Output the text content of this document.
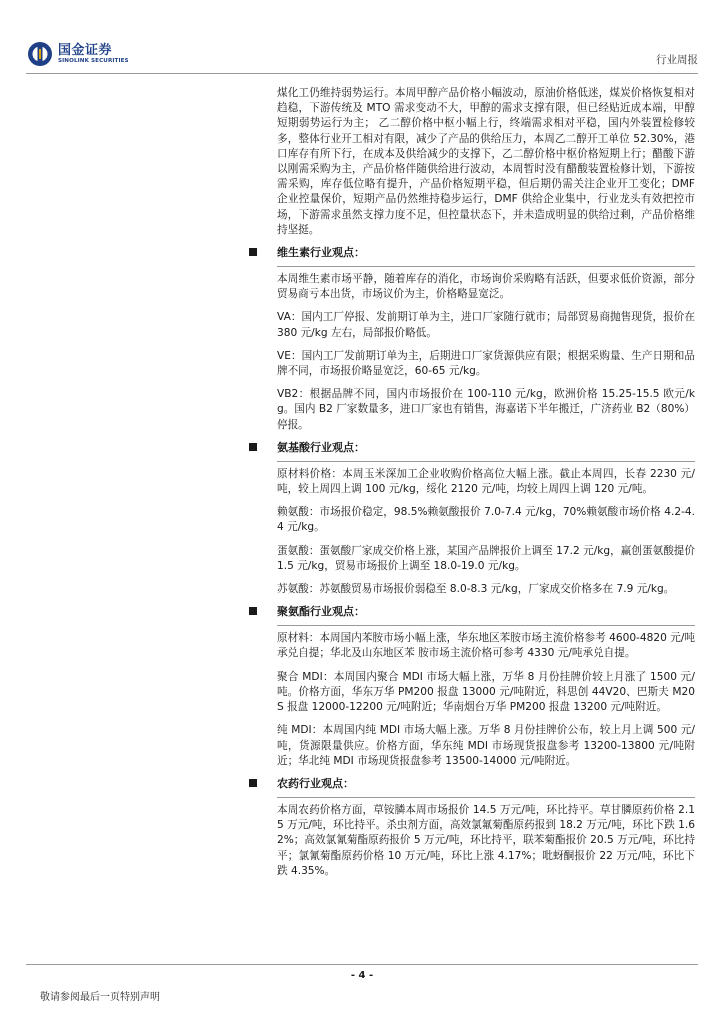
国金证券
SINOLINK SECURITIES	行业周报

煤化工仍维持弱势运行。本周甲醇产品价格小幅波动，原油价格低迷，煤炭价格恢复相对趋稳，下游传统及 MTO 需求变动不大，甲醇的需求支撑有限，但已经贴近成本端，甲醇短期弱势运行为主； 乙二醇价格中枢小幅上行，终端需求相对平稳，国内外装置检修较多，整体行业开工相对有限，减少了产品的供给压力，本周乙二醇开工单位 52.30%，港口库存有所下行，在成本及供给减少的支撑下，乙二醇价格中枢价格短期上行；醋酸下游以刚需采购为主，产品价格伴随供给进行波动，本周暂时没有醋酸装置检修计划，下游按需采购，库存低位略有提升，产品价格短期平稳，但后期仍需关注企业开工变化；DMF 企业控量保价，短期产品仍然维持稳步运行，DMF 供给企业集中，行业龙头有效把控市场，下游需求虽然支撑力度不足，但控量状态下，并未造成明显的供给过剩，产品价格维持坚挺。

维生素行业观点：

本周维生素市场平静，随着库存的消化，市场询价采购略有活跃，但要求低价资源，部分贸易商亏本出货，市场议价为主，价格略显宽泛。

VA：国内工厂停报、发前期订单为主，进口厂家随行就市；局部贸易商抛售现货，报价在 380 元/kg 左右，局部报价略低。

VE：国内工厂发前期订单为主，后期进口厂家货源供应有限；根据采购量、生产日期和品牌不同，市场报价略显宽泛，60-65 元/kg。

VB2：根据品牌不同，国内市场报价在 100-110 元/kg，欧洲价格 15.25-15.5 欧元/kg。国内 B2 厂家数量多，进口厂家也有销售，海嘉诺下半年搬迁，广济药业 B2（80%）停报。

氨基酸行业观点：

原材料价格：本周玉米深加工企业收购价格高位大幅上涨。截止本周四，长春 2230 元/吨，较上周四上调 100 元/kg，绥化 2120 元/吨，均较上周四上调 120 元/吨。

赖氨酸：市场报价稳定，98.5%赖氨酸报价 7.0-7.4 元/kg，70%赖氨酸市场价格 4.2-4.4 元/kg。

蛋氨酸：蛋氨酸厂家成交价格上涨，某国产品牌报价上调至 17.2 元/kg，赢创蛋氨酸提价 1.5 元/kg，贸易市场报价上调至 18.0-19.0 元/kg。

苏氨酸：苏氨酸贸易市场报价弱稳至 8.0-8.3 元/kg，厂家成交价格多在 7.9 元/kg。

聚氨酯行业观点：

原材料：本周国内苯胺市场小幅上涨，华东地区苯胺市场主流价格参考 4600-4820 元/吨承兑自提；华北及山东地区苯 胺市场主流价格可参考 4330 元/吨承兑自提。

聚合 MDI：本周国内聚合 MDI 市场大幅上涨，万华 8 月份挂牌价较上月涨了 1500 元/吨。价格方面，华东万华 PM200 报盘 13000 元/吨附近，科思创 44V20、巴斯夫 M20S 报盘 12000-12200 元/吨附近；华南烟台万华 PM200 报盘 13200 元/吨附近。

纯 MDI：本周国内纯 MDI 市场大幅上涨。万华 8 月份挂牌价公布，较上月上调 500 元/吨，货源限量供应。价格方面，华东纯 MDI 市场现货报盘参考 13200-13800 元/吨附近；华北纯 MDI 市场现货报盘参考 13500-14000 元/吨附近。

农药行业观点：

本周农药价格方面，草铵膦本周市场报价 14.5 万元/吨，环比持平。草甘膦原药价格 2.15 万元/吨，环比持平。杀虫剂方面，高效氯氟菊酯原药报到 18.2 万元/吨，环比下跌 1.62%；高效氯氰菊酯原药报价 5 万元/吨，环比持平，联苯菊酯报价 20.5 万元/吨，环比持平；氯氰菊酯原药价格 10 万元/吨，环比上涨 4.17%；吡蚜酮报价 22 万元/吨，环比下跌 4.35%。

- 4 -
敬请参阅最后一页特别声明
